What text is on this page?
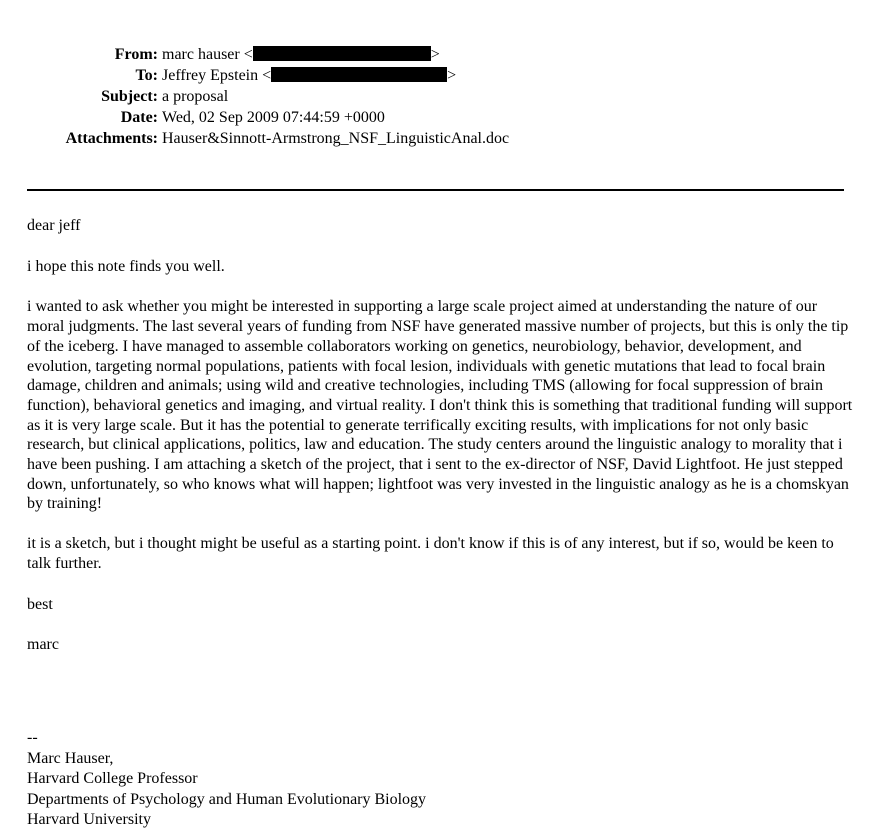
From: marc hauser <	>
To: Jeffrey Epstein <	>
Subject: a proposal
Date: Wed, 02 Sep 2009 07:44:59 +0000
Attachments: Hauser&Sinnott-Armstrong_NSF_LinguisticAnal.doc

dear jeff

i hope this note finds you well.

i wanted to ask whether you might be interested in supporting a large scale project aimed at understanding the nature of our moral judgments. The last several years of funding from NSF have generated massive number of projects, but this is only the tip of the iceberg. I have managed to assemble collaborators working on genetics, neurobiology, behavior, development, and evolution, targeting normal populations, patients with focal lesion, individuals with genetic mutations that lead to focal brain damage, children and animals; using wild and creative technologies, including TMS (allowing for focal suppression of brain function), behavioral genetics and imaging, and virtual reality. I don't think this is something that traditional funding will support as it is very large scale. But it has the potential to generate terrifically exciting results, with implications for not only basic research, but clinical applications, politics, law and education. The study centers around the linguistic analogy to morality that i have been pushing. I am attaching a sketch of the project, that i sent to the ex-director of NSF, David Lightfoot. He just stepped down, unfortunately, so who knows what will happen; lightfoot was very invested in the linguistic analogy as he is a chomskyan by training!

it is a sketch, but i thought might be useful as a starting point. i don't know if this is of any interest, but if so, would be keen to talk further.

best

marc

--
Marc Hauser,
Harvard College Professor
Departments of Psychology and Human Evolutionary Biology
Harvard University
